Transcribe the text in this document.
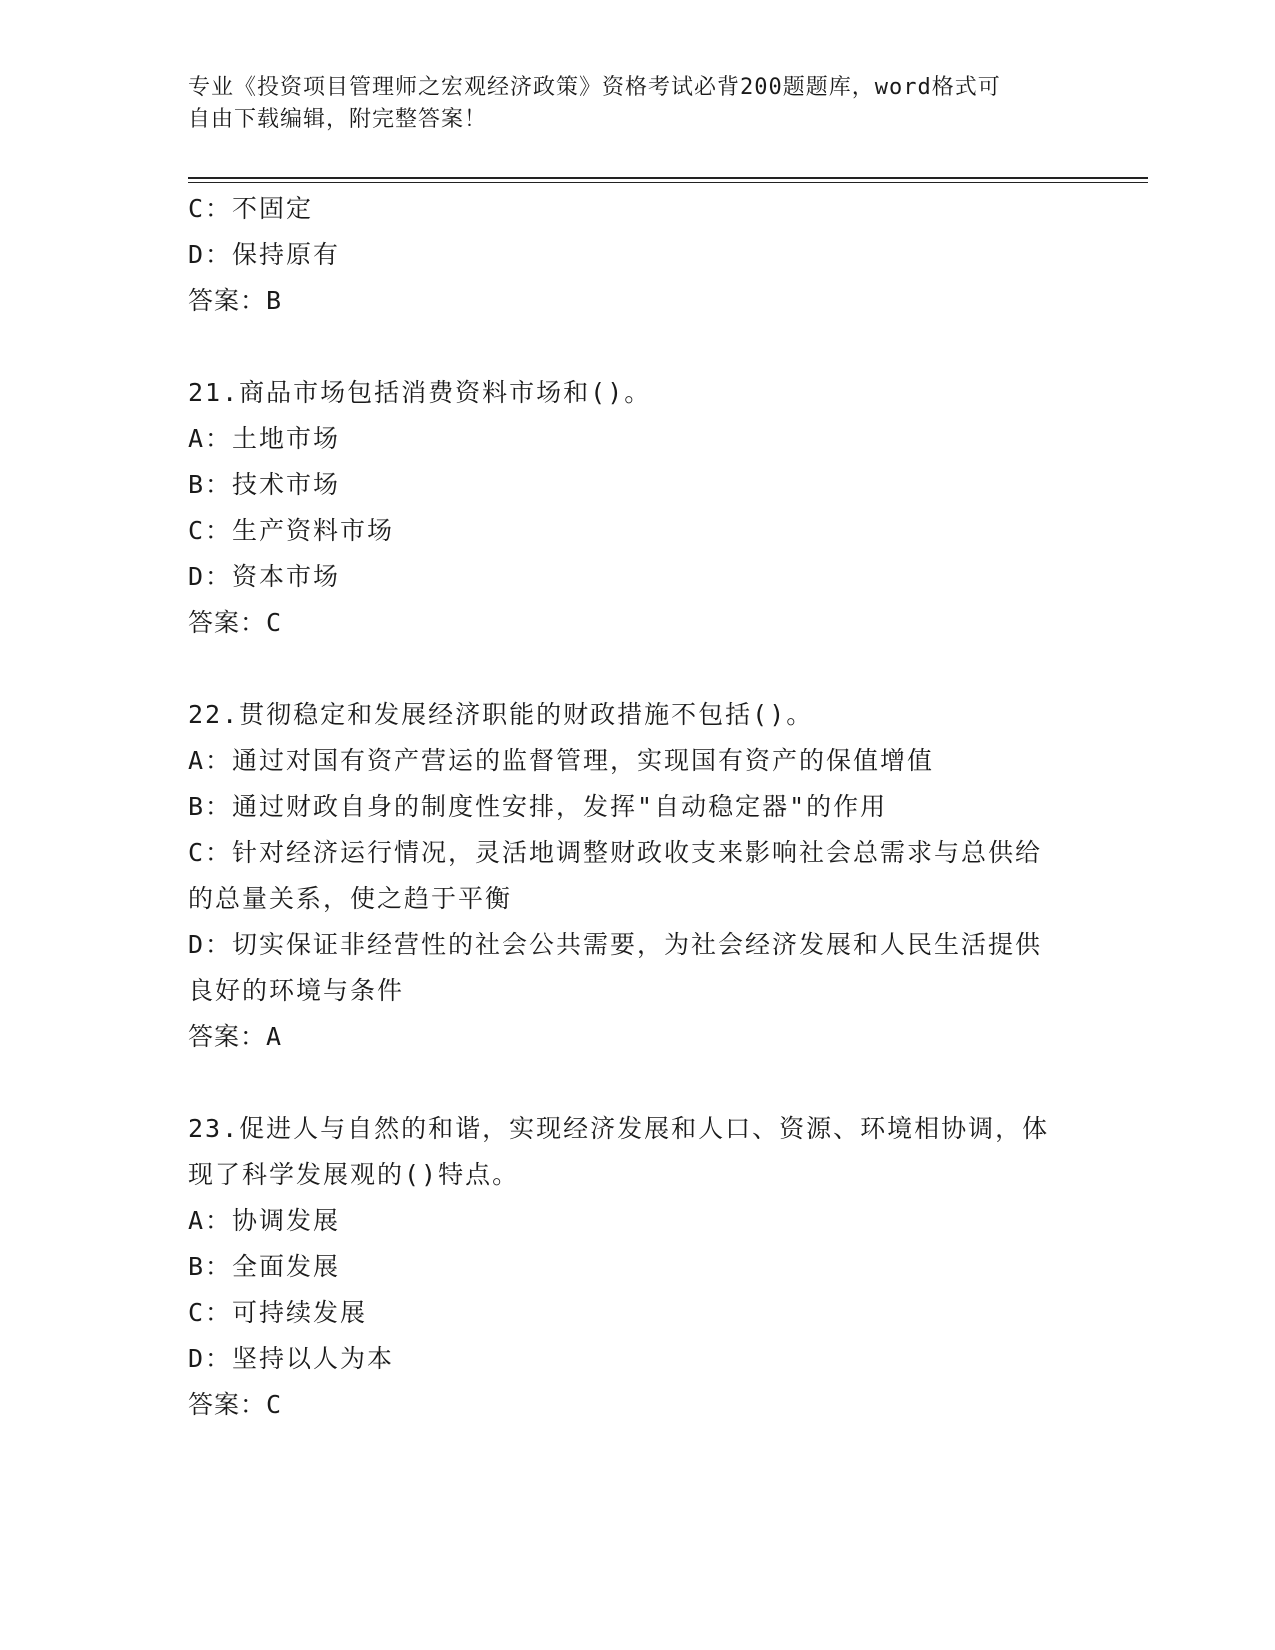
专业《投资项目管理师之宏观经济政策》资格考试必背200题题库，word格式可
自由下载编辑，附完整答案！
C：不固定
D：保持原有
答案：B
21.商品市场包括消费资料市场和()。
A：土地市场
B：技术市场
C：生产资料市场
D：资本市场
答案：C
22.贯彻稳定和发展经济职能的财政措施不包括()。
A：通过对国有资产营运的监督管理，实现国有资产的保值增值
B：通过财政自身的制度性安排，发挥"自动稳定器"的作用
C：针对经济运行情况，灵活地调整财政收支来影响社会总需求与总供给的总量关系，使之趋于平衡
D：切实保证非经营性的社会公共需要，为社会经济发展和人民生活提供良好的环境与条件
答案：A
23.促进人与自然的和谐，实现经济发展和人口、资源、环境相协调，体现了科学发展观的()特点。
A：协调发展
B：全面发展
C：可持续发展
D：坚持以人为本
答案：C
